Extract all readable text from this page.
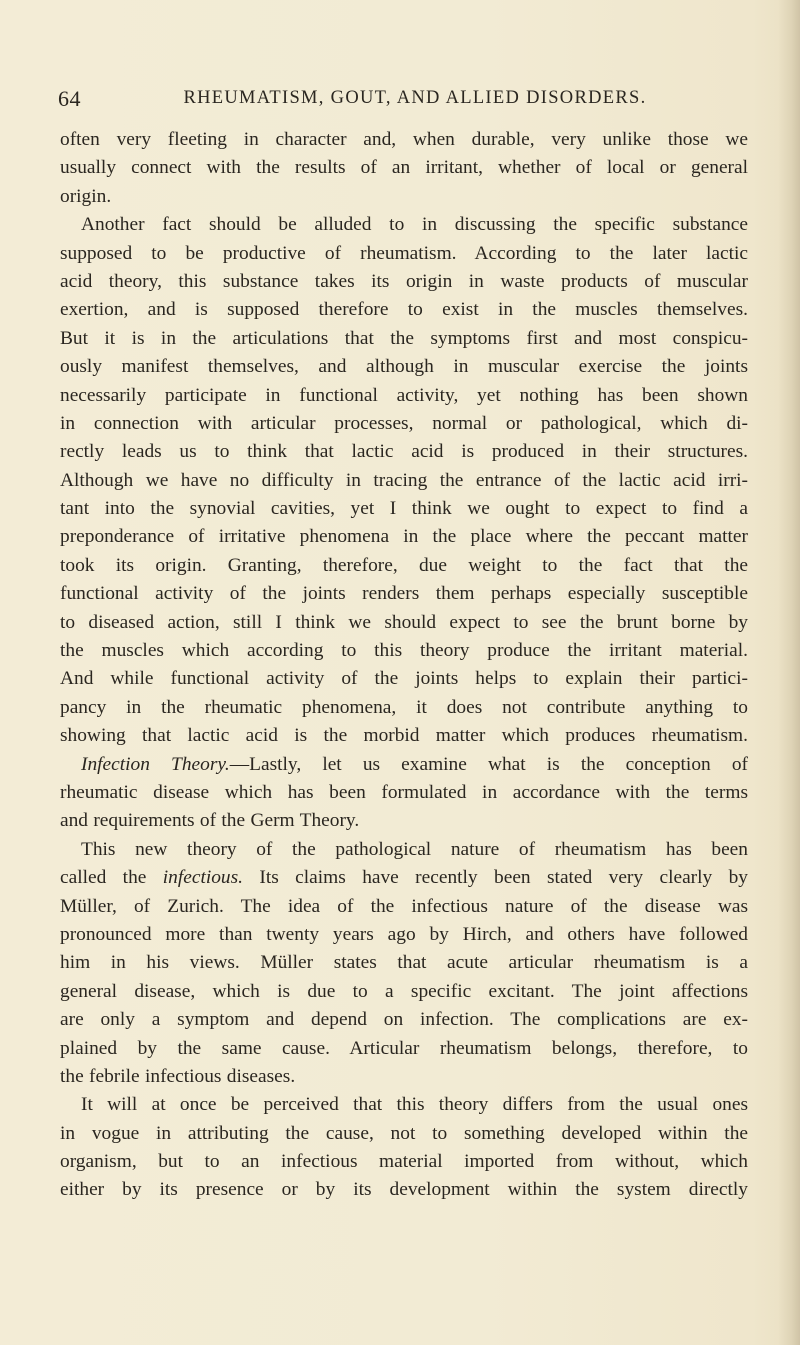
64	RHEUMATISM, GOUT, AND ALLIED DISORDERS.
often very fleeting in character and, when durable, very unlike those we
usually connect with the results of an irritant, whether of local or general
origin.
Another fact should be alluded to in discussing the specific substance
supposed to be productive of rheumatism. According to the later lactic
acid theory, this substance takes its origin in waste products of muscular
exertion, and is supposed therefore to exist in the muscles themselves.
But it is in the articulations that the symptoms first and most conspicu-
ously manifest themselves, and although in muscular exercise the joints
necessarily participate in functional activity, yet nothing has been shown
in connection with articular processes, normal or pathological, which di-
rectly leads us to think that lactic acid is produced in their structures.
Although we have no difficulty in tracing the entrance of the lactic acid irri-
tant into the synovial cavities, yet I think we ought to expect to find a
preponderance of irritative phenomena in the place where the peccant matter
took its origin. Granting, therefore, due weight to the fact that the
functional activity of the joints renders them perhaps especially susceptible
to diseased action, still I think we should expect to see the brunt borne by
the muscles which according to this theory produce the irritant material.
And while functional activity of the joints helps to explain their partici-
pancy in the rheumatic phenomena, it does not contribute anything to
showing that lactic acid is the morbid matter which produces rheumatism.
Infection Theory.—Lastly, let us examine what is the conception of
rheumatic disease which has been formulated in accordance with the terms
and requirements of the Germ Theory.
This new theory of the pathological nature of rheumatism has been
called the infectious. Its claims have recently been stated very clearly by
Müller, of Zurich. The idea of the infectious nature of the disease was
pronounced more than twenty years ago by Hirch, and others have followed
him in his views. Müller states that acute articular rheumatism is a
general disease, which is due to a specific excitant. The joint affections
are only a symptom and depend on infection. The complications are ex-
plained by the same cause. Articular rheumatism belongs, therefore, to
the febrile infectious diseases.
It will at once be perceived that this theory differs from the usual ones
in vogue in attributing the cause, not to something developed within the
organism, but to an infectious material imported from without, which
either by its presence or by its development within the system directly
